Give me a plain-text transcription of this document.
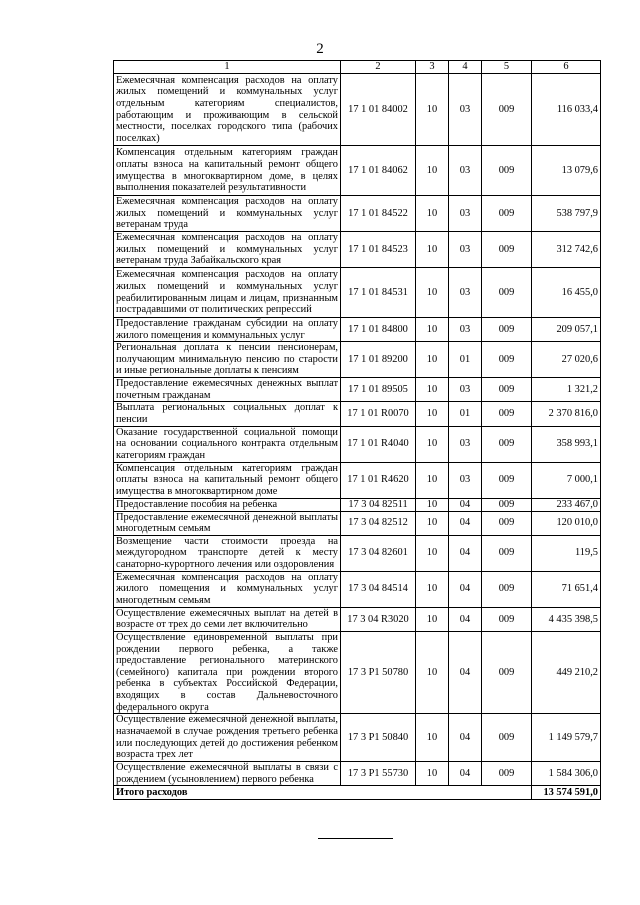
2
1	2	3	4	5	6
Ежемесячная компенсация расходов на оплату жилых помещений и коммунальных услуг отдельным категориям специалистов, работающим и проживающим в сельской местности, поселках городского типа (рабочих поселках)	17 1 01 84002	10	03	009	116 033,4
Компенсация отдельным категориям граждан оплаты взноса на капитальный ремонт общего имущества в многоквартирном доме, в целях выполнения показателей результативности	17 1 01 84062	10	03	009	13 079,6
Ежемесячная компенсация расходов на оплату жилых помещений и коммунальных услуг ветеранам труда	17 1 01 84522	10	03	009	538 797,9
Ежемесячная компенсация расходов на оплату жилых помещений и коммунальных услуг ветеранам труда Забайкальского края	17 1 01 84523	10	03	009	312 742,6
Ежемесячная компенсация расходов на оплату жилых помещений и коммунальных услуг реабилитированным лицам и лицам, признанным пострадавшими от политических репрессий	17 1 01 84531	10	03	009	16 455,0
Предоставление гражданам субсидии на оплату жилого помещения и коммунальных услуг	17 1 01 84800	10	03	009	209 057,1
Региональная доплата к пенсии пенсионерам, получающим минимальную пенсию по старости и иные региональные доплаты к пенсиям	17 1 01 89200	10	01	009	27 020,6
Предоставление ежемесячных денежных выплат почетным гражданам	17 1 01 89505	10	03	009	1 321,2
Выплата региональных социальных доплат к пенсии	17 1 01 R0070	10	01	009	2 370 816,0
Оказание государственной социальной помощи на основании социального контракта отдельным категориям граждан	17 1 01 R4040	10	03	009	358 993,1
Компенсация отдельным категориям граждан оплаты взноса на капитальный ремонт общего имущества в многоквартирном доме	17 1 01 R4620	10	03	009	7 000,1
Предоставление пособия на ребенка	17 3 04 82511	10	04	009	233 467,0
Предоставление ежемесячной денежной выплаты многодетным семьям	17 3 04 82512	10	04	009	120 010,0
Возмещение части стоимости проезда на междугородном транспорте детей к месту санаторно-курортного лечения или оздоровления	17 3 04 82601	10	04	009	119,5
Ежемесячная компенсация расходов на оплату жилого помещения и коммунальных услуг многодетным семьям	17 3 04 84514	10	04	009	71 651,4
Осуществление ежемесячных выплат на детей в возрасте от трех до семи лет включительно	17 3 04 R3020	10	04	009	4 435 398,5
Осуществление единовременной выплаты при рождении первого ребенка, а также предоставление регионального материнского (семейного) капитала при рождении второго ребенка в субъектах Российской Федерации, входящих в состав Дальневосточного федерального округа	17 3 P1 50780	10	04	009	449 210,2
Осуществление ежемесячной денежной выплаты, назначаемой в случае рождения третьего ребенка или последующих детей до достижения ребенком возраста трех лет	17 3 P1 50840	10	04	009	1 149 579,7
Осуществление ежемесячной выплаты в связи с рождением (усыновлением) первого ребенка	17 3 P1 55730	10	04	009	1 584 306,0
Итого расходов					13 574 591,0
